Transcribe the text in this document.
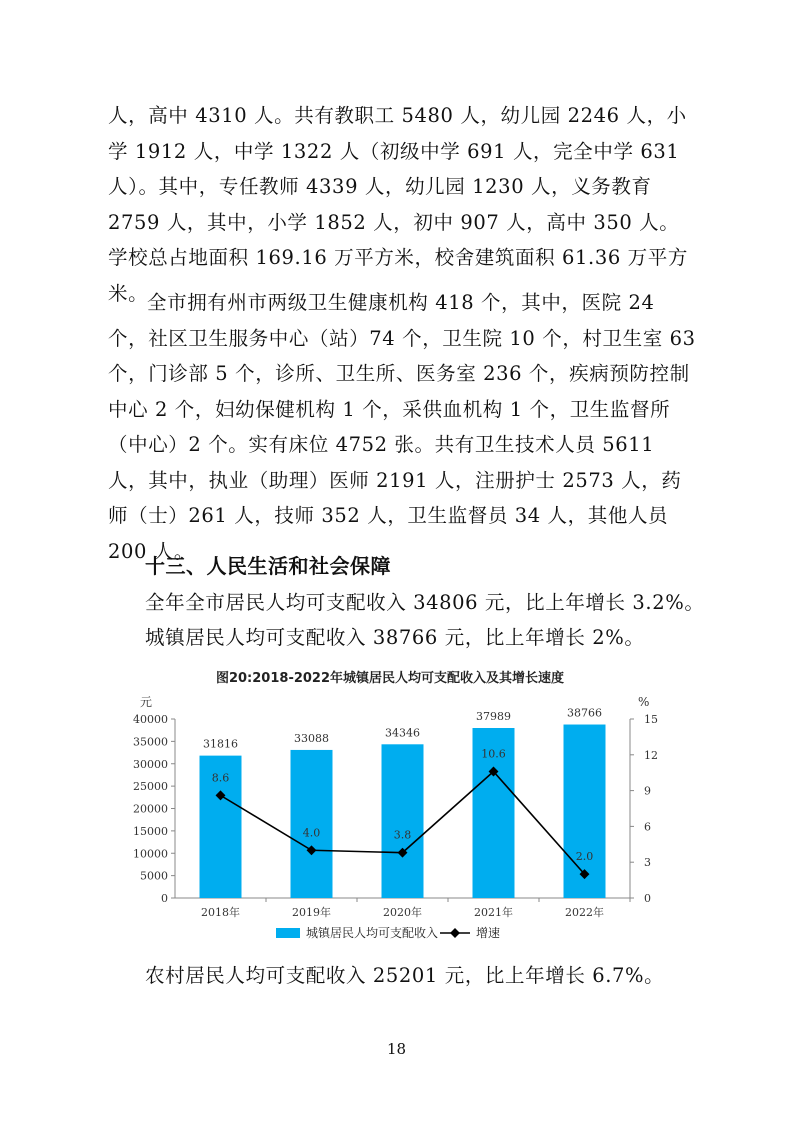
人，高中 4310 人。共有教职工 5480 人，幼儿园 2246 人，小学 1912 人，中学 1322 人（初级中学 691 人，完全中学 631 人）。其中，专任教师 4339 人，幼儿园 1230 人，义务教育 2759 人，其中，小学 1852 人，初中 907 人，高中 350 人。学校总占地面积 169.16 万平方米，校舍建筑面积 61.36 万平方米。

全市拥有州市两级卫生健康机构 418 个，其中，医院 24 个，社区卫生服务中心（站）74 个，卫生院 10 个，村卫生室 63 个，门诊部 5 个，诊所、卫生所、医务室 236 个，疾病预防控制中心 2 个，妇幼保健机构 1 个，采供血机构 1 个，卫生监督所（中心）2 个。实有床位 4752 张。共有卫生技术人员 5611 人，其中，执业（助理）医师 2191 人，注册护士 2573 人，药师（士）261 人，技师 352 人，卫生监督员 34 人，其他人员 200 人。

十三、人民生活和社会保障

全年全市居民人均可支配收入 34806 元，比上年增长 3.2%。

城镇居民人均可支配收入 38766 元，比上年增长 2%。

图20:2018-2022年城镇居民人均可支配收入及其增长速度
元	%
0
5000
10000
15000
20000
25000
30000
35000
40000
0
3
6
9
12
15
2018年
31816
2019年
33088
2020年
34346
2021年
37989
2022年
38766
8.6
4.0	3.8
10.6
2.0
城镇居民人均可支配收入	增速

农村居民人均可支配收入 25201 元，比上年增长 6.7%。

18
